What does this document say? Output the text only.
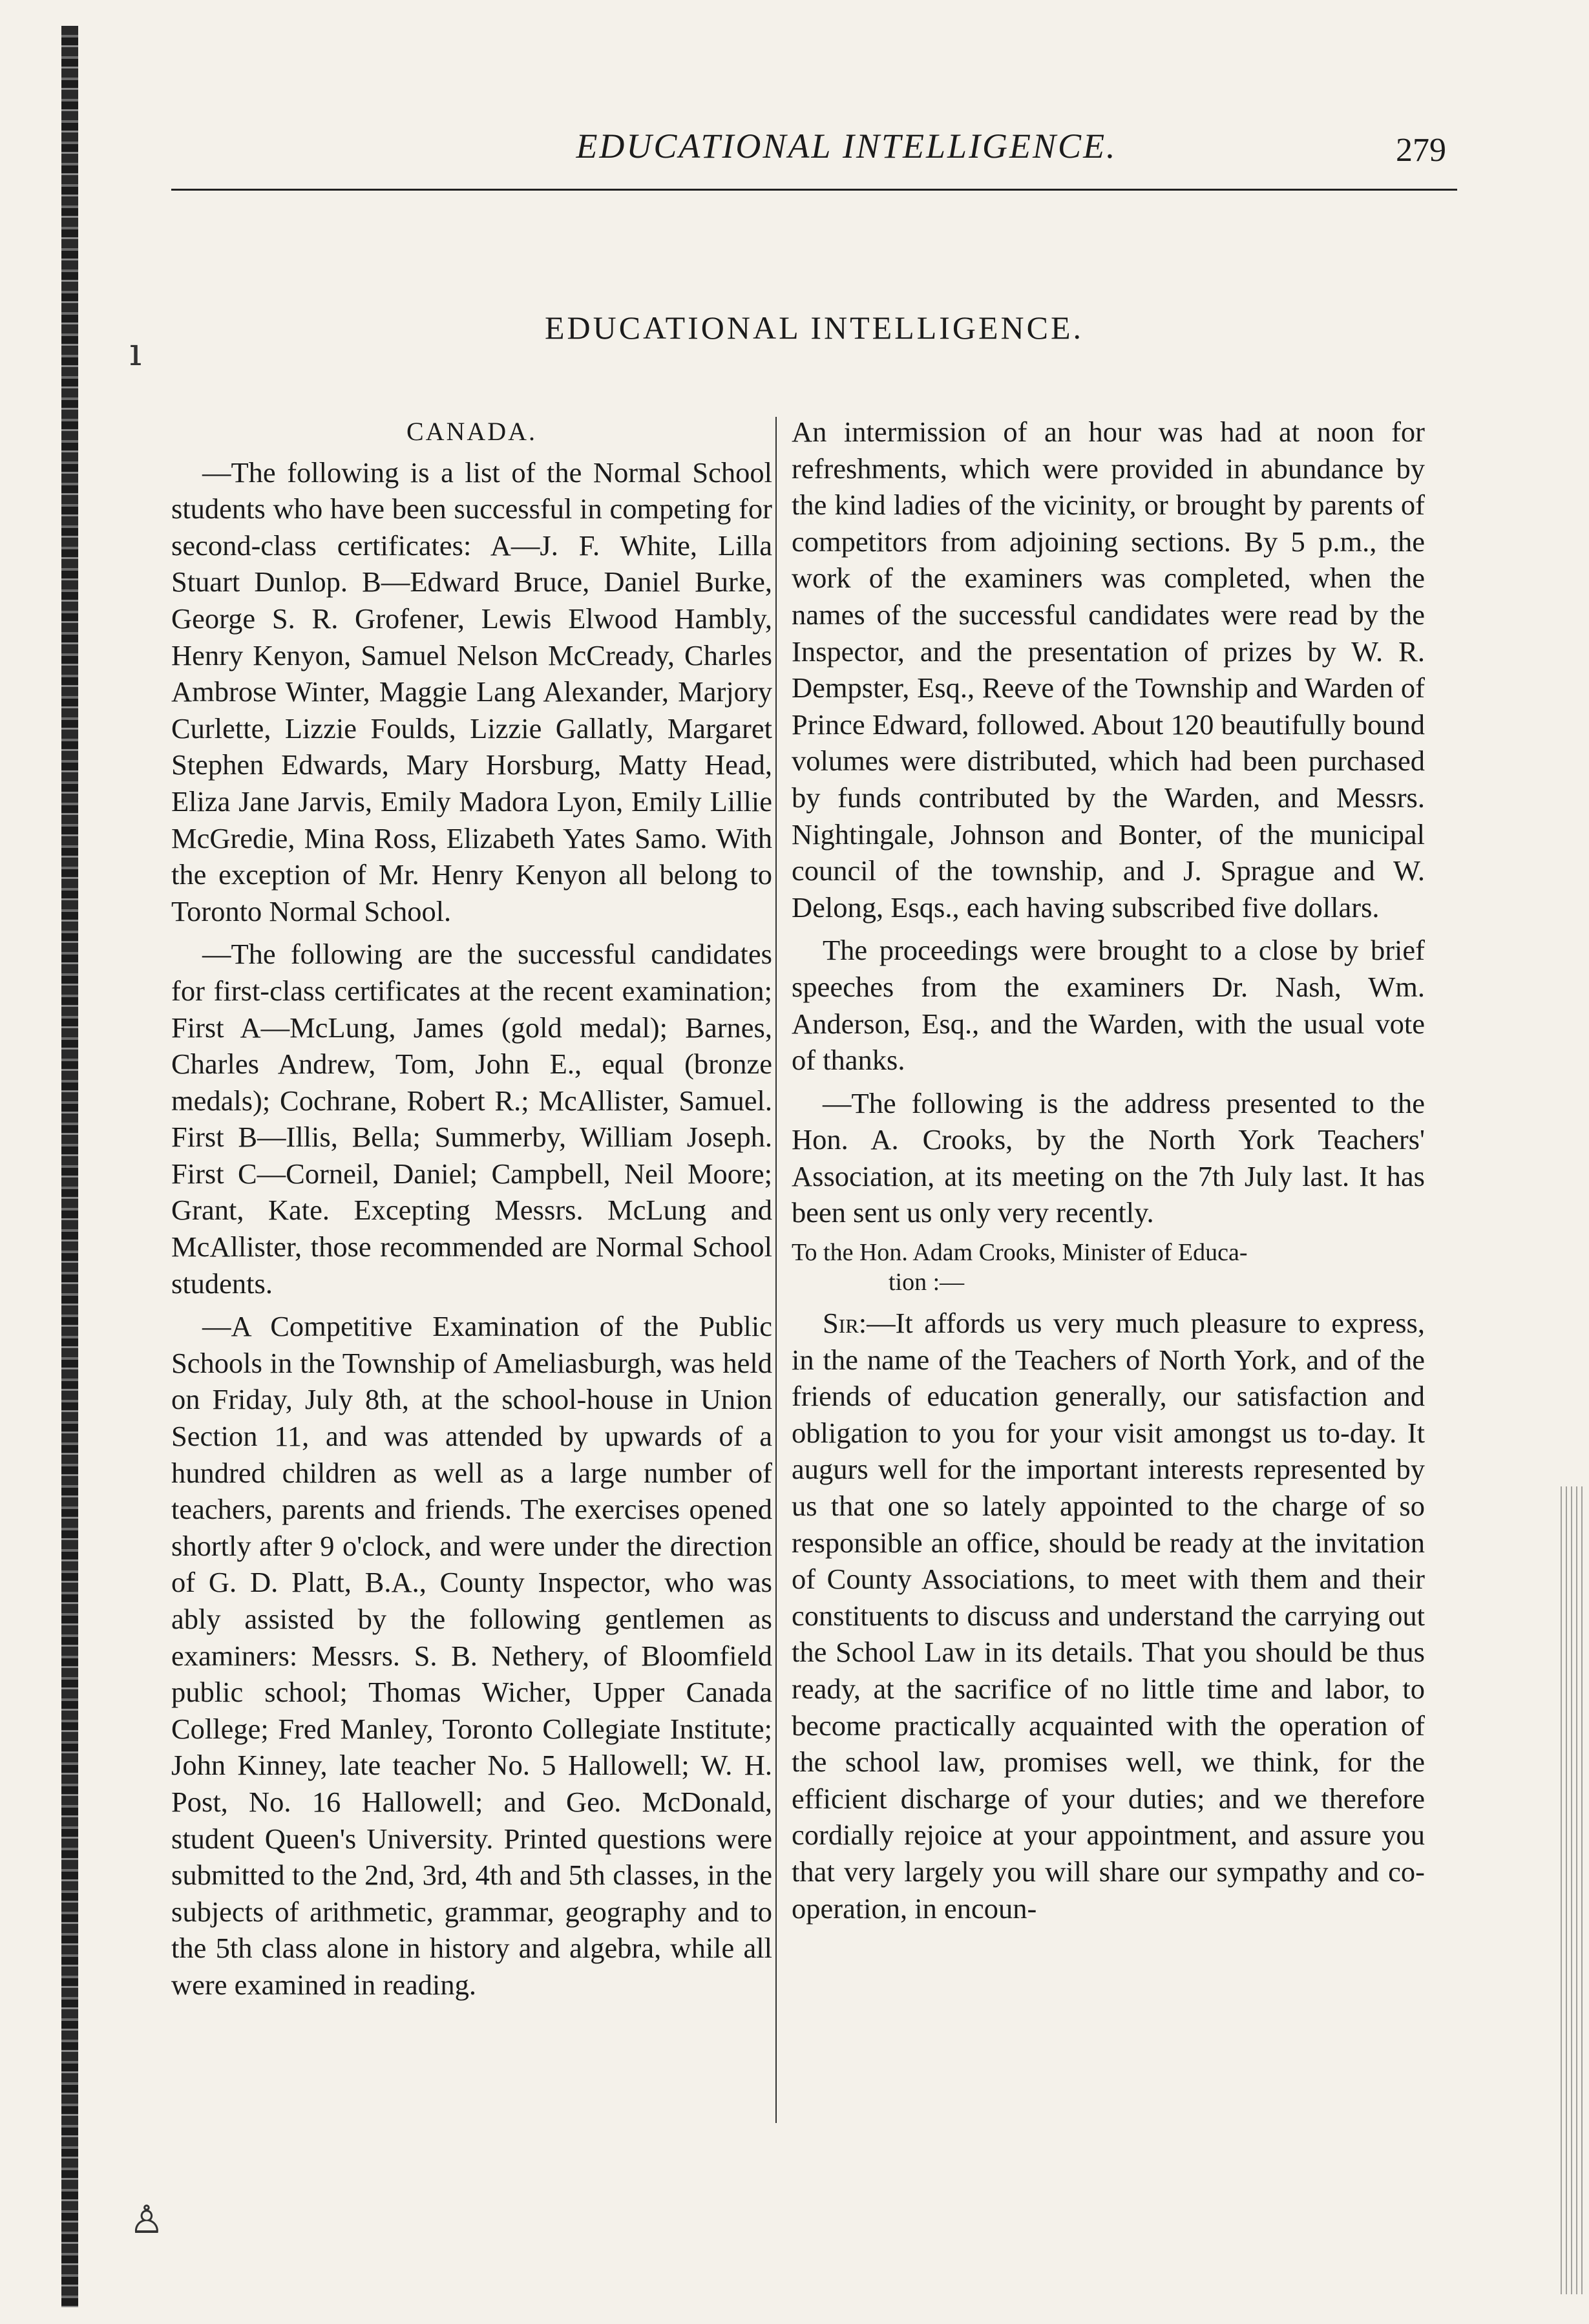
EDUCATIONAL INTELLIGENCE.	279
ı
EDUCATIONAL INTELLIGENCE.
CANADA.

—The following is a list of the Normal School students who have been successful in competing for second-class certificates: A—J. F. White, Lilla Stuart Dunlop. B—Edward Bruce, Daniel Burke, George S. R. Grofener, Lewis Elwood Hambly, Henry Kenyon, Samuel Nelson McCready, Charles Ambrose Winter, Maggie Lang Alexander, Marjory Curlette, Lizzie Foulds, Lizzie Gallatly, Margaret Stephen Edwards, Mary Horsburg, Matty Head, Eliza Jane Jarvis, Emily Madora Lyon, Emily Lillie McGredie, Mina Ross, Elizabeth Yates Samo. With the exception of Mr. Henry Kenyon all belong to Toronto Normal School.

—The following are the successful candidates for first-class certificates at the recent examination; First A—McLung, James (gold medal); Barnes, Charles Andrew, Tom, John E., equal (bronze medals); Cochrane, Robert R.; McAllister, Samuel. First B—Illis, Bella; Summerby, William Joseph. First C—Corneil, Daniel; Campbell, Neil Moore; Grant, Kate. Excepting Messrs. McLung and McAllister, those recommended are Normal School students.

—A Competitive Examination of the Public Schools in the Township of Ameliasburgh, was held on Friday, July 8th, at the school-house in Union Section 11, and was attended by upwards of a hundred children as well as a large number of teachers, parents and friends. The exercises opened shortly after 9 o'clock, and were under the direction of G. D. Platt, B.A., County Inspector, who was ably assisted by the following gentlemen as examiners: Messrs. S. B. Nethery, of Bloomfield public school; Thomas Wicher, Upper Canada College; Fred Manley, Toronto Collegiate Institute; John Kinney, late teacher No. 5 Hallowell; W. H. Post, No. 16 Hallowell; and Geo. McDonald, student Queen's University. Printed questions were submitted to the 2nd, 3rd, 4th and 5th classes, in the subjects of arithmetic, grammar, geography and to the 5th class alone in history and algebra, while all were examined in reading.

An intermission of an hour was had at noon for refreshments, which were provided in abundance by the kind ladies of the vicinity, or brought by parents of competitors from adjoining sections. By 5 p.m., the work of the examiners was completed, when the names of the successful candidates were read by the Inspector, and the presentation of prizes by W. R. Dempster, Esq., Reeve of the Township and Warden of Prince Edward, followed. About 120 beautifully bound volumes were distributed, which had been purchased by funds contributed by the Warden, and Messrs. Nightingale, Johnson and Bonter, of the municipal council of the township, and J. Sprague and W. Delong, Esqs., each having subscribed five dollars.

The proceedings were brought to a close by brief speeches from the examiners Dr. Nash, Wm. Anderson, Esq., and the Warden, with the usual vote of thanks.

—The following is the address presented to the Hon. A. Crooks, by the North York Teachers' Association, at its meeting on the 7th July last. It has been sent us only very recently.

To the Hon. Adam Crooks, Minister of Educa-
tion :—

Sir:—It affords us very much pleasure to express, in the name of the Teachers of North York, and of the friends of education generally, our satisfaction and obligation to you for your visit amongst us to-day. It augurs well for the important interests represented by us that one so lately appointed to the charge of so responsible an office, should be ready at the invitation of County Associations, to meet with them and their constituents to discuss and understand the carrying out the School Law in its details. That you should be thus ready, at the sacrifice of no little time and labor, to become practically acquainted with the operation of the school law, promises well, we think, for the efficient discharge of your duties; and we therefore cordially rejoice at your appointment, and assure you that very largely you will share our sympathy and co-operation, in encoun-

♙
